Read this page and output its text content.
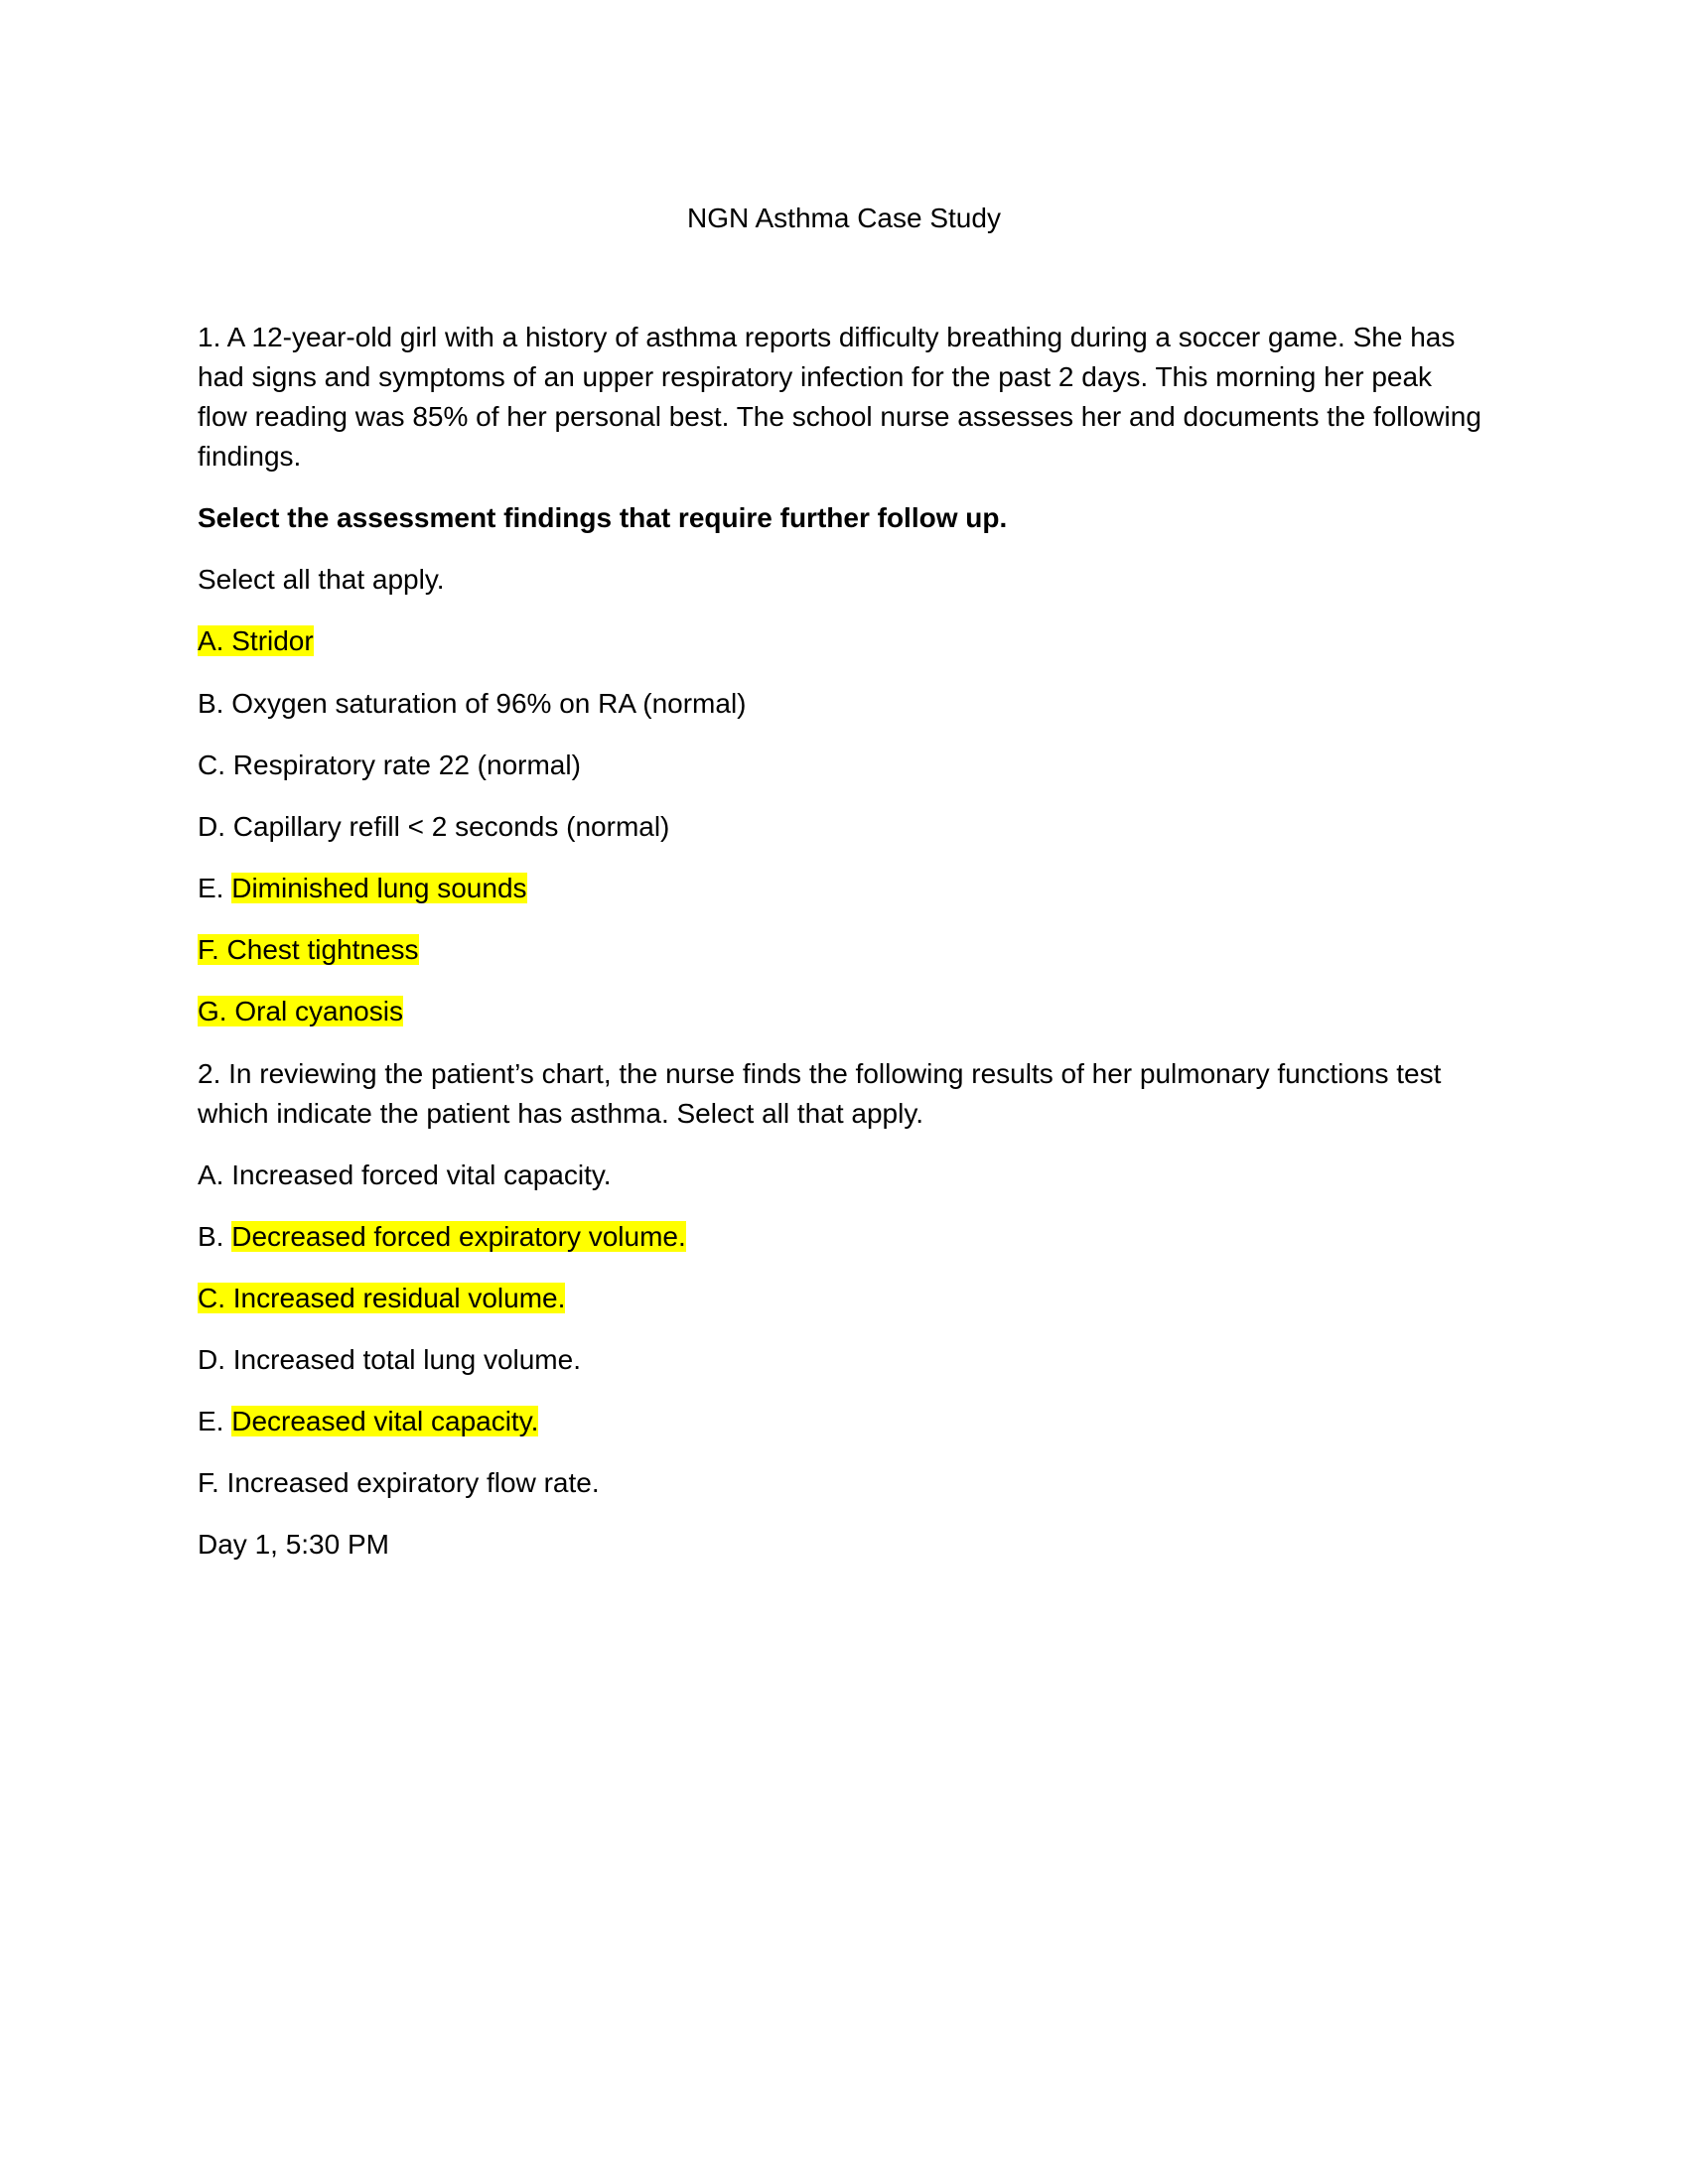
NGN Asthma Case Study

1. A 12-year-old girl with a history of asthma reports difficulty breathing during a soccer game. She has

had signs and symptoms of an upper respiratory infection for the past 2 days. This morning her peak

flow reading was 85% of her personal best. The school nurse assesses her and documents the following

findings.

Select the assessment findings that require further follow up.

Select all that apply.

A. Stridor

B. Oxygen saturation of 96% on RA (normal)

C. Respiratory rate 22 (normal)

D. Capillary refill < 2 seconds (normal)

E. Diminished lung sounds

F. Chest tightness

G. Oral cyanosis

2. In reviewing the patient’s chart, the nurse finds the following results of her pulmonary functions test

which indicate the patient has asthma. Select all that apply.

A. Increased forced vital capacity.

B. Decreased forced expiratory volume.

C. Increased residual volume.

D. Increased total lung volume.

E. Decreased vital capacity.

F. Increased expiratory flow rate.

Day 1, 5:30 PM
